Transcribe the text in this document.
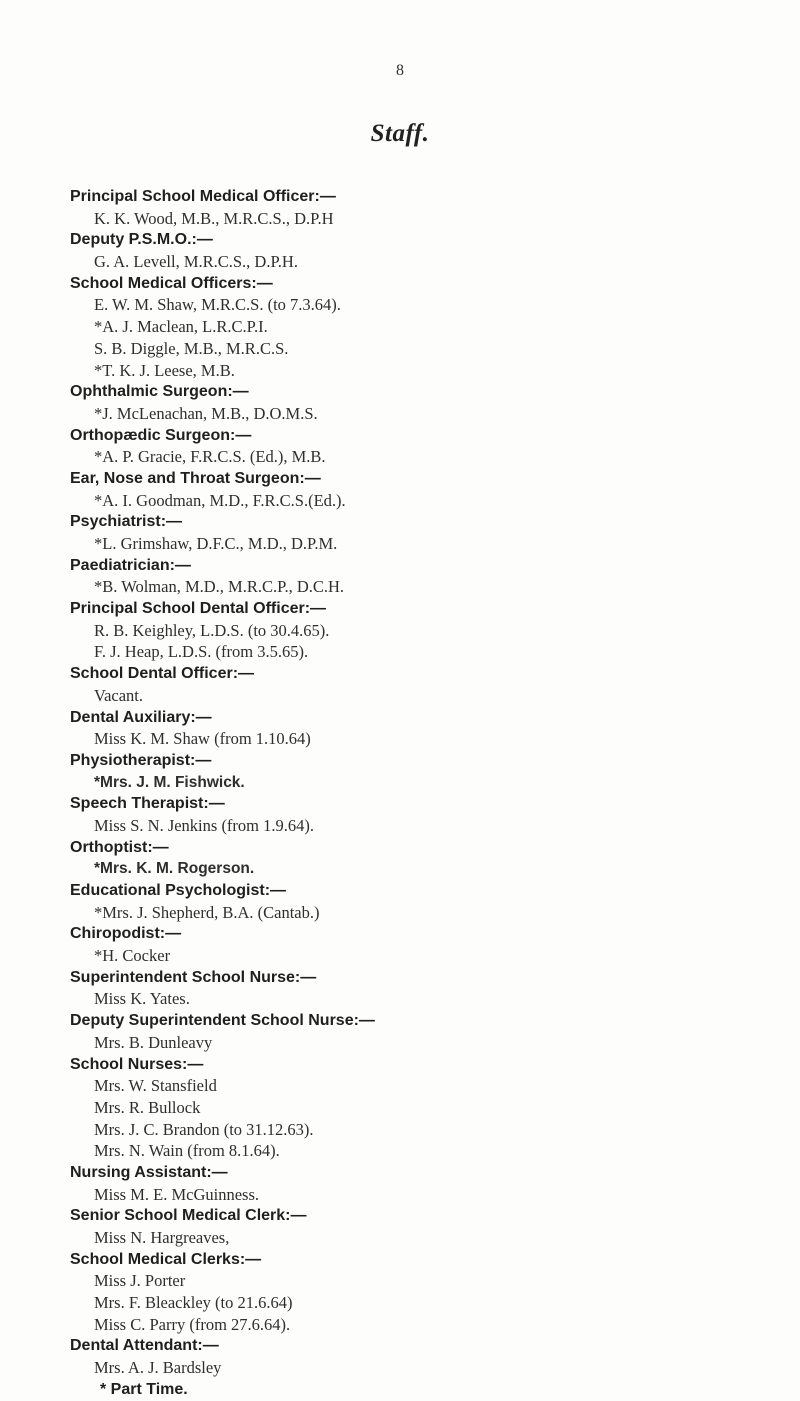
8
Staff.
Principal School Medical Officer:—
K. K. Wood, M.B., M.R.C.S., D.P.H
Deputy P.S.M.O.:—
G. A. Levell, M.R.C.S., D.P.H.
School Medical Officers:—
E. W. M. Shaw, M.R.C.S. (to 7.3.64).
*A. J. Maclean, L.R.C.P.I.
S. B. Diggle, M.B., M.R.C.S.
*T. K. J. Leese, M.B.
Ophthalmic Surgeon:—
*J. McLenachan, M.B., D.O.M.S.
Orthopædic Surgeon:—
*A. P. Gracie, F.R.C.S. (Ed.), M.B.
Ear, Nose and Throat Surgeon:—
*A. I. Goodman, M.D., F.R.C.S.(Ed.).
Psychiatrist:—
*L. Grimshaw, D.F.C., M.D., D.P.M.
Paediatrician:—
*B. Wolman, M.D., M.R.C.P., D.C.H.
Principal School Dental Officer:—
R. B. Keighley, L.D.S. (to 30.4.65).
F. J. Heap, L.D.S. (from 3.5.65).
School Dental Officer:—
Vacant.
Dental Auxiliary:—
Miss K. M. Shaw (from 1.10.64)
Physiotherapist:—
*Mrs. J. M. Fishwick.
Speech Therapist:—
Miss S. N. Jenkins (from 1.9.64).
Orthoptist:—
*Mrs. K. M. Rogerson.
Educational Psychologist:—
*Mrs. J. Shepherd, B.A. (Cantab.)
Chiropodist:—
*H. Cocker
Superintendent School Nurse:—
Miss K. Yates.
Deputy Superintendent School Nurse:—
Mrs. B. Dunleavy
School Nurses:—
Mrs. W. Stansfield
Mrs. R. Bullock
Mrs. J. C. Brandon (to 31.12.63).
Mrs. N. Wain (from 8.1.64).
Nursing Assistant:—
Miss M. E. McGuinness.
Senior School Medical Clerk:—
Miss N. Hargreaves,
School Medical Clerks:—
Miss J. Porter
Mrs. F. Bleackley (to 21.6.64)
Miss C. Parry (from 27.6.64).
Dental Attendant:—
Mrs. A. J. Bardsley
* Part Time.
